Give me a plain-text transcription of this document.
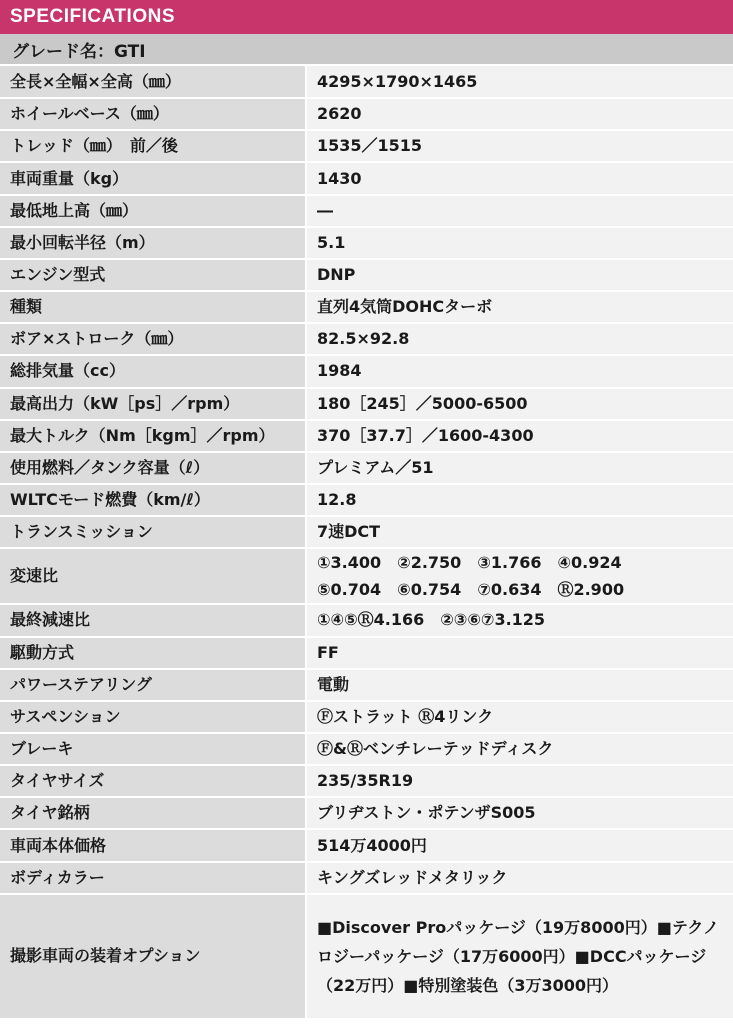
SPECIFICATIONS
グレード名：GTI
全長×全幅×全高（㎜）	4295×1790×1465
ホイールベース（㎜）	2620
トレッド（㎜）　前／後	1535／1515
車両重量（kg）	1430
最低地上高（㎜）	―
最小回転半径（m）	5.1
エンジン型式	DNP
種類	直列4気筒DOHCターボ
ボア×ストローク（㎜）	82.5×92.8
総排気量（cc）	1984
最高出力（kW［ps］／rpm）	180［245］／5000-6500
最大トルク（Nm［kgm］／rpm）	370［37.7］／1600-4300
使用燃料／タンク容量（ℓ）	プレミアム／51
WLTCモード燃費（km/ℓ）	12.8
トランスミッション	7速DCT
変速比	①3.400　②2.750　③1.766　④0.924
⑤0.704　⑥0.754　⑦0.634　Ⓡ2.900

最終減速比	①④⑤Ⓡ4.166　②③⑥⑦3.125
駆動方式	FF
パワーステアリング	電動
サスペンション	Ⓕストラット Ⓡ4リンク
ブレーキ	Ⓕ&Ⓡベンチレーテッドディスク
タイヤサイズ	235/35R19
タイヤ銘柄	ブリヂストン・ポテンザS005
車両本体価格	514万4000円
ボディカラー	キングズレッドメタリック
撮影車両の装着オプション	■Discover Proパッケージ（19万8000円）■テクノロジーパッケージ（17万6000円）■DCCパッケージ（22万円）■特別塗装色（3万3000円）
